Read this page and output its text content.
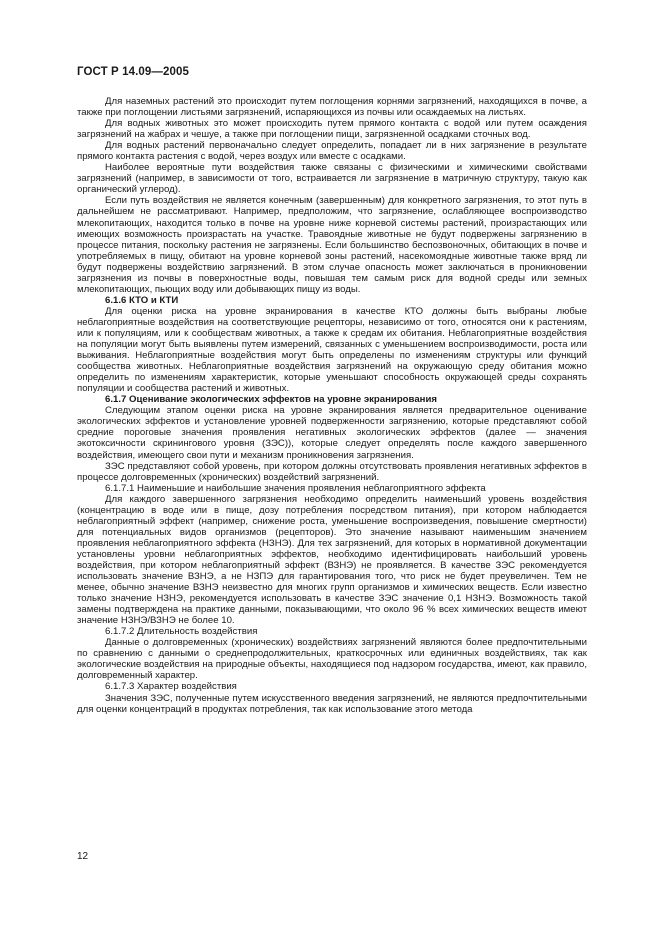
ГОСТ Р 14.09—2005

Для наземных растений это происходит путем поглощения корнями загрязнений, находящихся в почве, а также при поглощении листьями загрязнений, испаряющихся из почвы или осаждаемых на листьях.

Для водных животных это может происходить путем прямого контакта с водой или путем осаждения загрязнений на жабрах и чешуе, а также при поглощении пищи, загрязненной осадками сточных вод.

Для водных растений первоначально следует определить, попадает ли в них загрязнение в результате прямого контакта растения с водой, через воздух или вместе с осадками.

Наиболее вероятные пути воздействия также связаны с физическими и химическими свойствами загрязнений (например, в зависимости от того, встраивается ли загрязнение в матричную структуру, такую как органический углерод).

Если путь воздействия не является конечным (завершенным) для конкретного загрязнения, то этот путь в дальнейшем не рассматривают. Например, предположим, что загрязнение, ослабляющее воспроизводство млекопитающих, находится только в почве на уровне ниже корневой системы растений, произрастающих или имеющих возможность произрастать на участке. Травоядные животные не будут подвержены загрязнению в процессе питания, поскольку растения не загрязнены. Если большинство беспозвоночных, обитающих в почве и употребляемых в пищу, обитают на уровне корневой зоны растений, насекомоядные животные также вряд ли будут подвержены воздействию загрязнений. В этом случае опасность может заключаться в проникновении загрязнения из почвы в поверхностные воды, повышая тем самым риск для водной среды или земных млекопитающих, пьющих воду или добывающих пищу из воды.

6.1.6 КТО и КТИ

Для оценки риска на уровне экранирования в качестве КТО должны быть выбраны любые неблагоприятные воздействия на соответствующие рецепторы, независимо от того, относятся они к растениям, или к популяциям, или к сообществам животных, а также к средам их обитания. Неблагоприятные воздействия на популяции могут быть выявлены путем измерений, связанных с уменьшением воспроизводимости, роста или выживания. Неблагоприятные воздействия могут быть определены по изменениям структуры или функций сообщества животных. Неблагоприятные воздействия загрязнений на окружающую среду обитания можно определить по изменениям характеристик, которые уменьшают способность окружающей среды сохранять популяции и сообщества растений и животных.

6.1.7 Оценивание экологических эффектов на уровне экранирования

Следующим этапом оценки риска на уровне экранирования является предварительное оценивание экологических эффектов и установление уровней подверженности загрязнению, которые представляют собой средние пороговые значения проявления негативных экологических эффектов (далее — значения экотоксичности скринингового уровня (ЗЭС)), которые следует определять после каждого завершенного воздействия, имеющего свои пути и механизм проникновения загрязнения.

ЗЭС представляют собой уровень, при котором должны отсутствовать проявления негативных эффектов в процессе долговременных (хронических) воздействий загрязнений.

6.1.7.1 Наименьшие и наибольшие значения проявления неблагоприятного эффекта

Для каждого завершенного загрязнения необходимо определить наименьший уровень воздействия (концентрацию в воде или в пище, дозу потребления посредством питания), при котором наблюдается неблагоприятный эффект (например, снижение роста, уменьшение воспроизведения, повышение смертности) для потенциальных видов организмов (рецепторов). Это значение называют наименьшим значением проявления неблагоприятного эффекта (НЗНЭ). Для тех загрязнений, для которых в нормативной документации установлены уровни неблагоприятных эффектов, необходимо идентифицировать наибольший уровень воздействия, при котором неблагоприятный эффект (ВЗНЭ) не проявляется. В качестве ЗЭС рекомендуется использовать значение ВЗНЭ, а не НЗПЭ для гарантирования того, что риск не будет преувеличен. Тем не менее, обычно значение ВЗНЭ неизвестно для многих групп организмов и химических веществ. Если известно только значение НЗНЭ, рекомендуется использовать в качестве ЗЭС значение 0,1 НЗНЭ. Возможность такой замены подтверждена на практике данными, показывающими, что около 96 % всех химических веществ имеют значение НЗНЭ/ВЗНЭ не более 10.

6.1.7.2 Длительность воздействия

Данные о долговременных (хронических) воздействиях загрязнений являются более предпочтительными по сравнению с данными о среднепродолжительных, краткосрочных или единичных воздействиях, так как экологические воздействия на природные объекты, находящиеся под надзором государства, имеют, как правило, долговременный характер.

6.1.7.3 Характер воздействия

Значения ЗЭС, полученные путем искусственного введения загрязнений, не являются предпочтительными для оценки концентраций в продуктах потребления, так как использование этого метода

12
